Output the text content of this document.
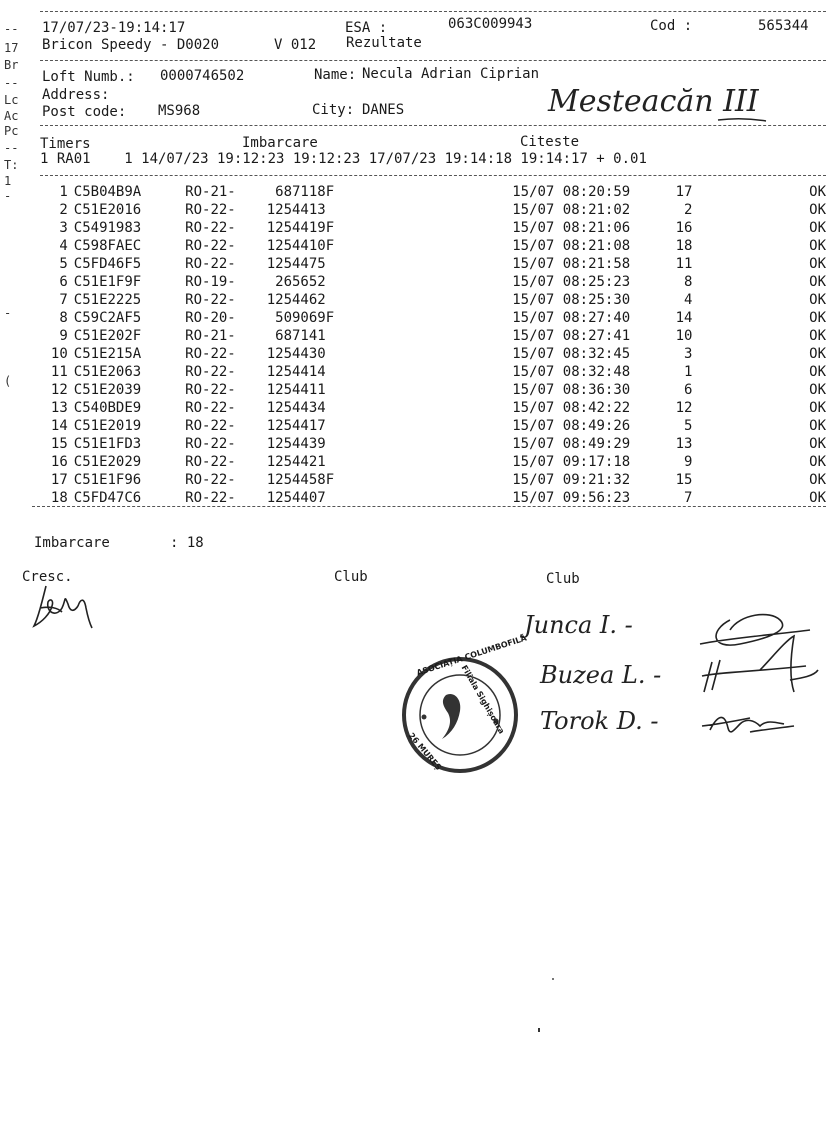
--
17
Br
--
Lc
Ac
Pc
--
T:
1
-
-
(
17/07/23-19:14:17	ESA :	063C009943	Cod :	565344
Bricon Speedy - D0020	V 012 Rezultate
Loft Numb.: 0000746502	Name: Necula Adrian Ciprian
Address:
Post code: MS968	City: DANES	Mesteacăn III
Timers	Imbarcare	Citeste
1 RA01    1 14/07/23 19:12:23 19:12:23 17/07/23 19:14:18 19:14:17 + 0.01
1	C5B04B9A	RO-21-	687118F	15/07 08:20:59	17	OK
2	C51E2016	RO-22-	1254413	15/07 08:21:02	2	OK
3	C5491983	RO-22-	1254419F	15/07 08:21:06	16	OK
4	C598FAEC	RO-22-	1254410F	15/07 08:21:08	18	OK
5	C5FD46F5	RO-22-	1254475	15/07 08:21:58	11	OK
6	C51E1F9F	RO-19-	265652	15/07 08:25:23	8	OK
7	C51E2225	RO-22-	1254462	15/07 08:25:30	4	OK
8	C59C2AF5	RO-20-	509069F	15/07 08:27:40	14	OK
9	C51E202F	RO-21-	687141	15/07 08:27:41	10	OK
10	C51E215A	RO-22-	1254430	15/07 08:32:45	3	OK
11	C51E2063	RO-22-	1254414	15/07 08:32:48	1	OK
12	C51E2039	RO-22-	1254411	15/07 08:36:30	6	OK
13	C540BDE9	RO-22-	1254434	15/07 08:42:22	12	OK
14	C51E2019	RO-22-	1254417	15/07 08:49:26	5	OK
15	C51E1FD3	RO-22-	1254439	15/07 08:49:29	13	OK
16	C51E2029	RO-22-	1254421	15/07 09:17:18	9	OK
17	C51E1F96	RO-22-	1254458F	15/07 09:21:32	15	OK
18	C5FD47C6	RO-22-	1254407	15/07 09:56:23	7	OK
Imbarcare	: 18
Cresc.	Club	Club
Junca I. -
Buzea L. -
Torok D. -
ASOCIAȚIA COLUMBOFILĂ
Filiala Sighișoara
26 MUREȘ
